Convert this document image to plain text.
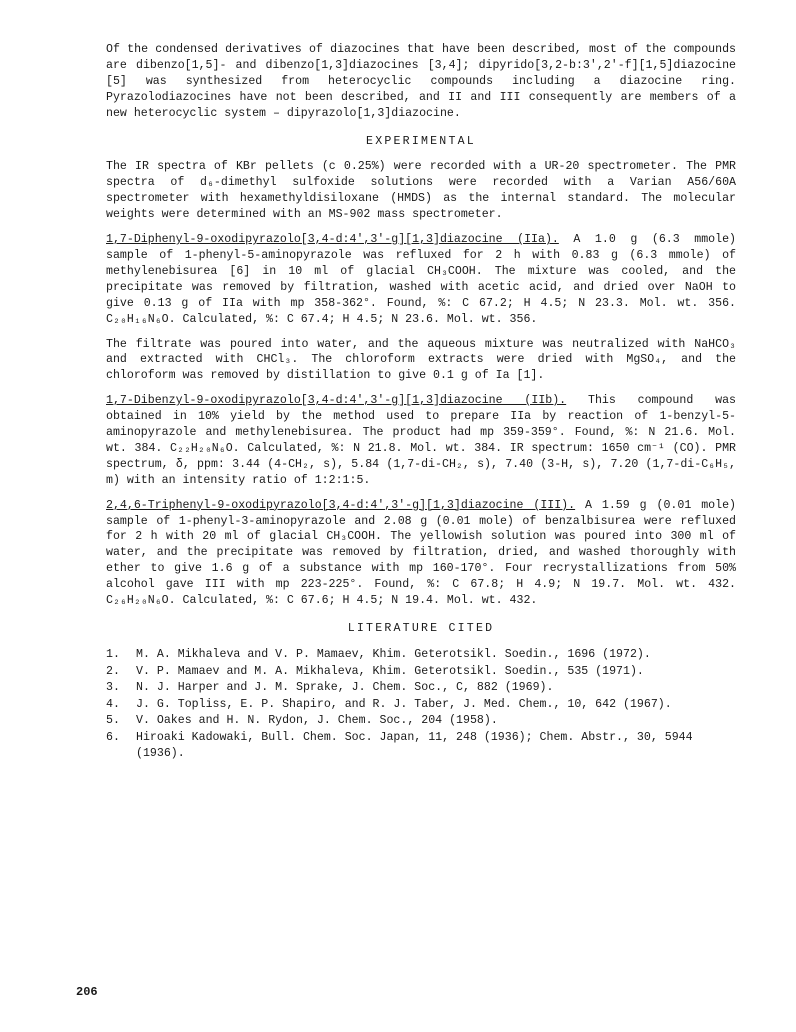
Of the condensed derivatives of diazocines that have been described, most of the compounds are dibenzo[1,5]- and dibenzo[1,3]diazocines [3,4]; dipyrido[3,2-b:3',2'-f][1,5]diazocine [5] was synthesized from heterocyclic compounds including a diazocine ring. Pyrazolodiazocines have not been described, and II and III consequently are members of a new heterocyclic system – dipyrazolo[1,3]diazocine.

EXPERIMENTAL

The IR spectra of KBr pellets (c 0.25%) were recorded with a UR-20 spectrometer. The PMR spectra of d₆-dimethyl sulfoxide solutions were recorded with a Varian A56/60A spectrometer with hexamethyldisiloxane (HMDS) as the internal standard. The molecular weights were determined with an MS-902 mass spectrometer.

1,7-Diphenyl-9-oxodipyrazolo[3,4-d:4',3'-g][1,3]diazocine (IIa). A 1.0 g (6.3 mmole) sample of 1-phenyl-5-aminopyrazole was refluxed for 2 h with 0.83 g (6.3 mmole) of methylenebisurea [6] in 10 ml of glacial CH₃COOH. The mixture was cooled, and the precipitate was removed by filtration, washed with acetic acid, and dried over NaOH to give 0.13 g of IIa with mp 358-362°. Found, %: C 67.2; H 4.5; N 23.3. Mol. wt. 356. C₂₀H₁₆N₆O. Calculated, %: C 67.4; H 4.5; N 23.6. Mol. wt. 356.

The filtrate was poured into water, and the aqueous mixture was neutralized with NaHCO₃ and extracted with CHCl₃. The chloroform extracts were dried with MgSO₄, and the chloroform was removed by distillation to give 0.1 g of Ia [1].

1,7-Dibenzyl-9-oxodipyrazolo[3,4-d:4',3'-g][1,3]diazocine (IIb). This compound was obtained in 10% yield by the method used to prepare IIa by reaction of 1-benzyl-5-aminopyrazole and methylenebisurea. The product had mp 359-359°. Found, %: N 21.6. Mol. wt. 384. C₂₂H₂₀N₆O. Calculated, %: N 21.8. Mol. wt. 384. IR spectrum: 1650 cm⁻¹ (CO). PMR spectrum, δ, ppm: 3.44 (4-CH₂, s), 5.84 (1,7-di-CH₂, s), 7.40 (3-H, s), 7.20 (1,7-di-C₆H₅, m) with an intensity ratio of 1:2:1:5.

2,4,6-Triphenyl-9-oxodipyrazolo[3,4-d:4',3'-g][1,3]diazocine (III). A 1.59 g (0.01 mole) sample of 1-phenyl-3-aminopyrazole and 2.08 g (0.01 mole) of benzalbisurea were refluxed for 2 h with 20 ml of glacial CH₃COOH. The yellowish solution was poured into 300 ml of water, and the precipitate was removed by filtration, dried, and washed thoroughly with ether to give 1.6 g of a substance with mp 160-170°. Four recrystallizations from 50% alcohol gave III with mp 223-225°. Found, %: C 67.8; H 4.9; N 19.7. Mol. wt. 432. C₂₆H₂₀N₆O. Calculated, %: C 67.6; H 4.5; N 19.4. Mol. wt. 432.

LITERATURE CITED
1.	M. A. Mikhaleva and V. P. Mamaev, Khim. Geterotsikl. Soedin., 1696 (1972).
2.	V. P. Mamaev and M. A. Mikhaleva, Khim. Geterotsikl. Soedin., 535 (1971).
3.	N. J. Harper and J. M. Sprake, J. Chem. Soc., C, 882 (1969).
4.	J. G. Topliss, E. P. Shapiro, and R. J. Taber, J. Med. Chem., 10, 642 (1967).
5.	V. Oakes and H. N. Rydon, J. Chem. Soc., 204 (1958).
6.	Hiroaki Kadowaki, Bull. Chem. Soc. Japan, 11, 248 (1936); Chem. Abstr., 30, 5944 (1936).
206
